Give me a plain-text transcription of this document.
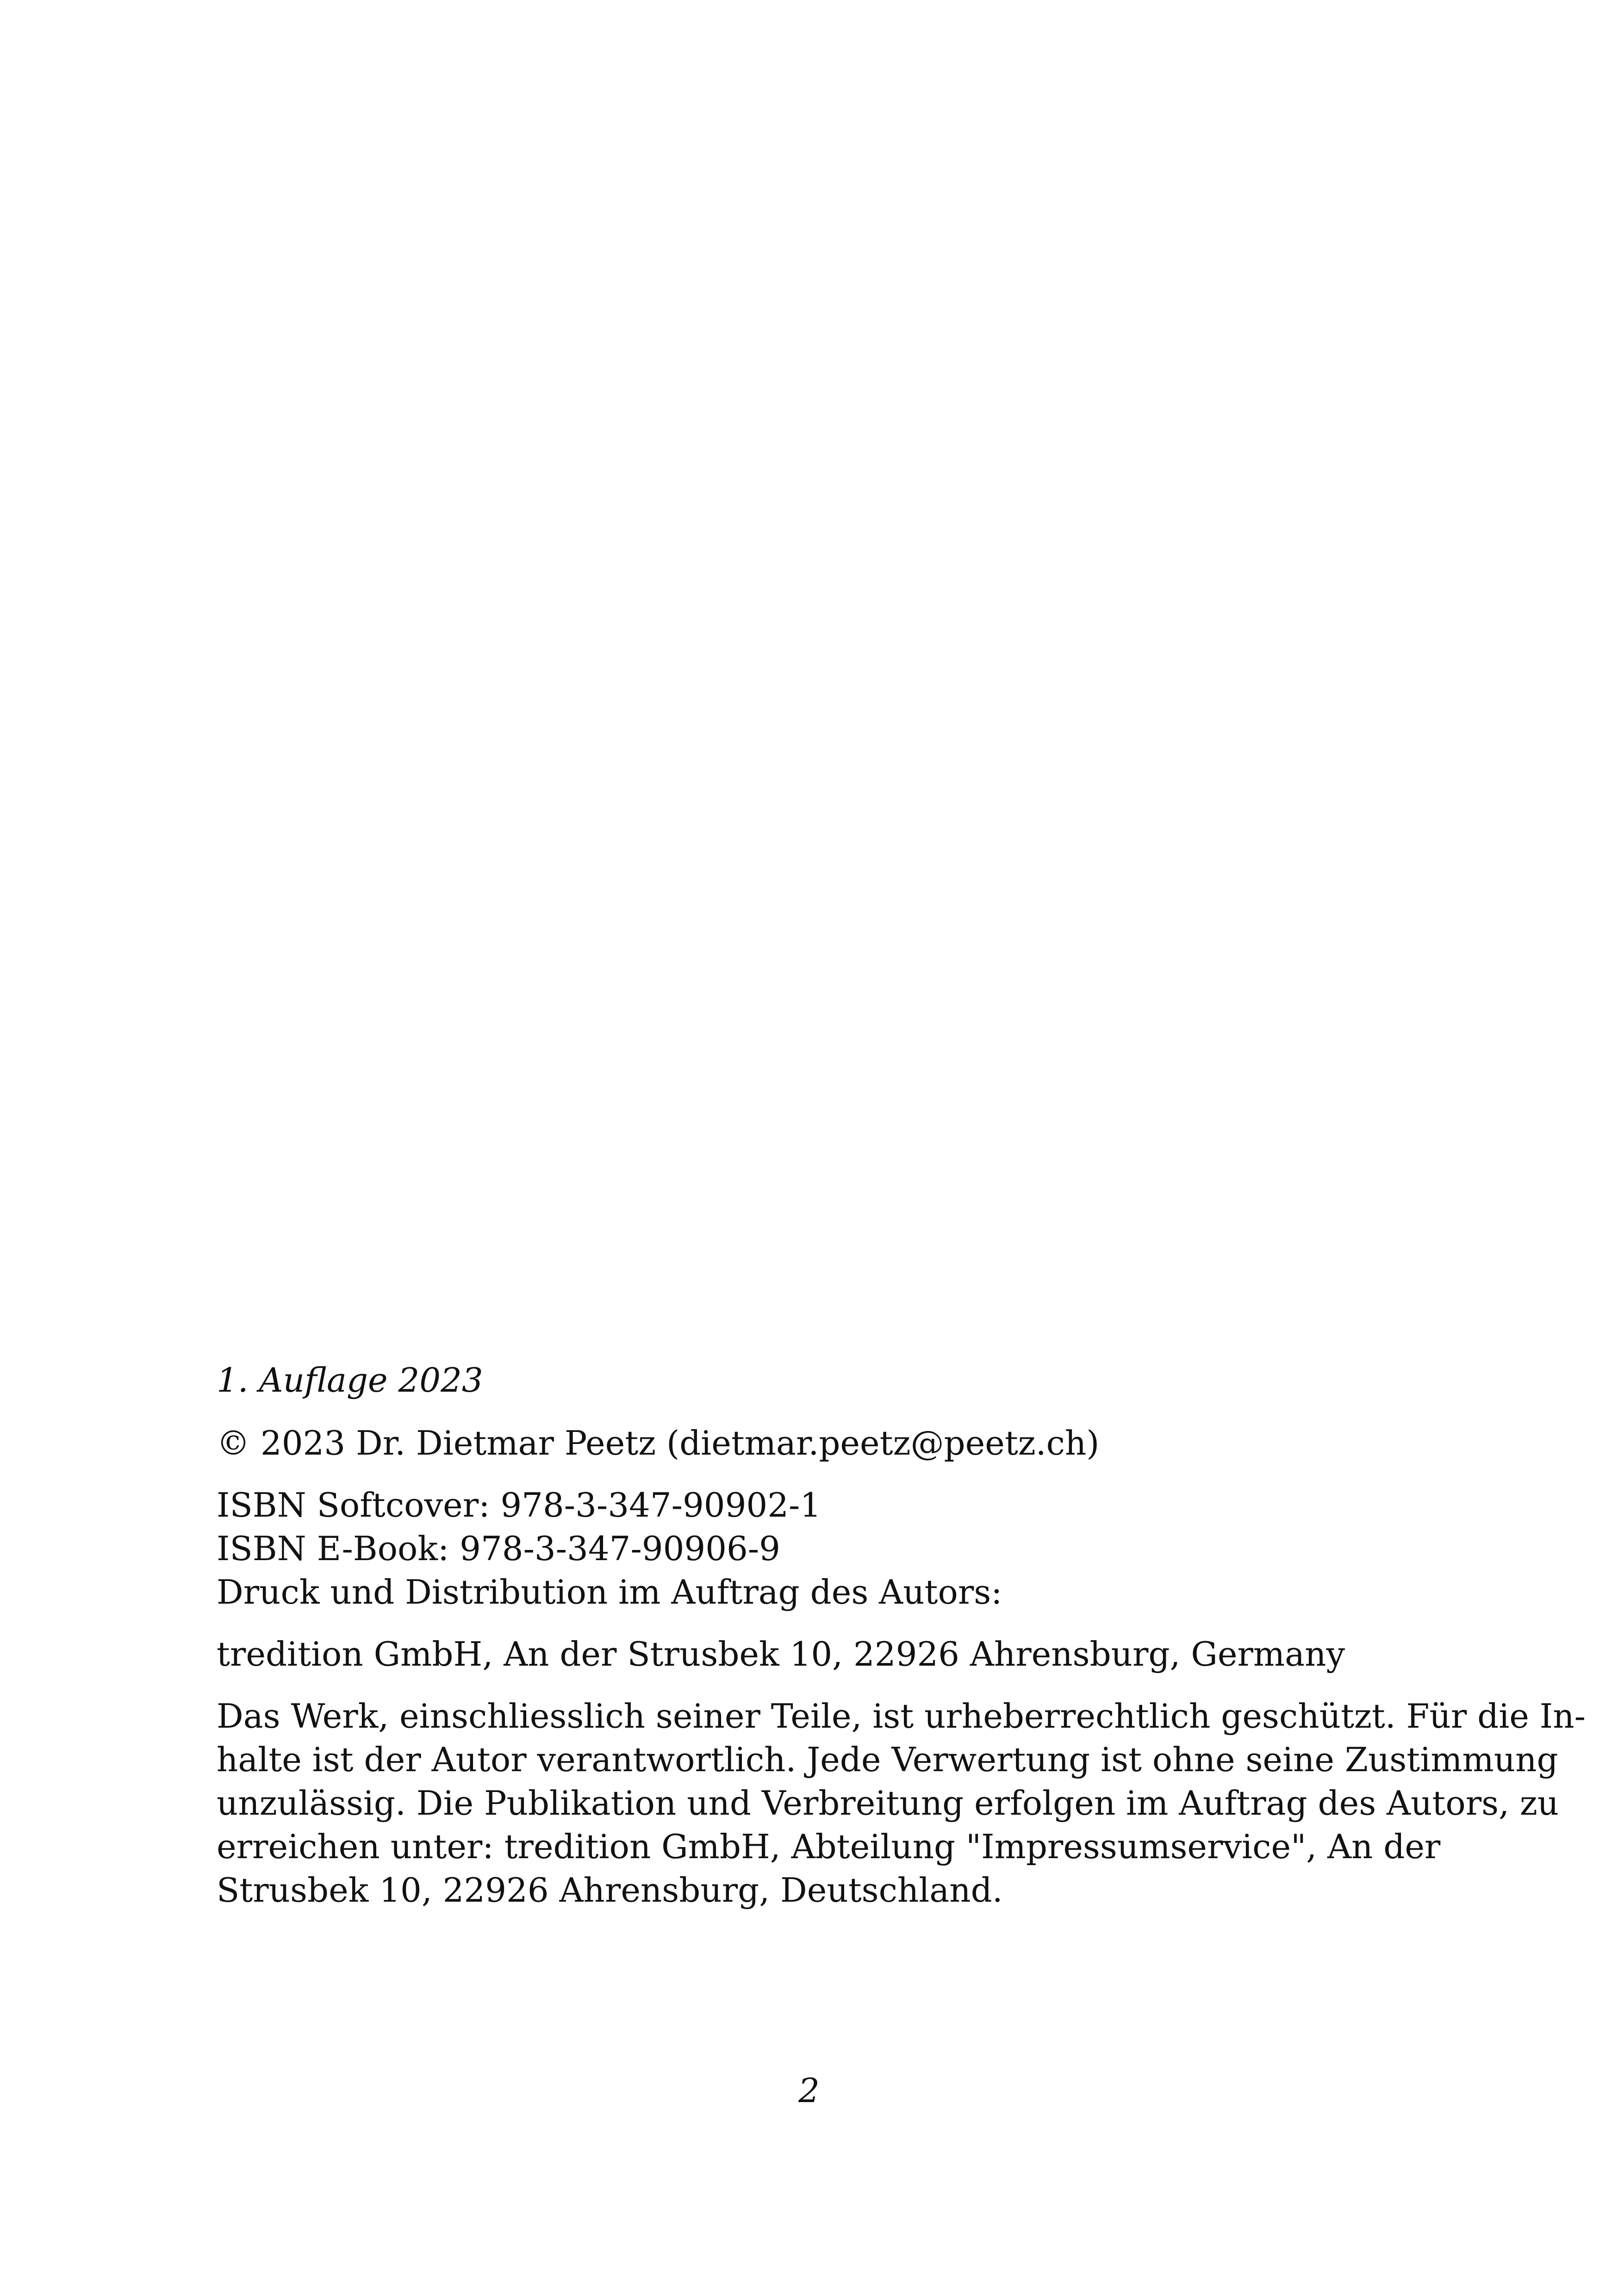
1. Auflage 2023
© 2023 Dr. Dietmar Peetz (dietmar.peetz@peetz.ch)
ISBN Softcover: 978-3-347-90902-1
ISBN E-Book: 978-3-347-90906-9
Druck und Distribution im Auftrag des Autors:
tredition GmbH, An der Strusbek 10, 22926 Ahrensburg, Germany
Das Werk, einschliesslich seiner Teile, ist urheberrechtlich geschützt. Für die In-
halte ist der Autor verantwortlich. Jede Verwertung ist ohne seine Zustimmung
unzulässig. Die Publikation und Verbreitung erfolgen im Auftrag des Autors, zu
erreichen unter: tredition GmbH, Abteilung "Impressumservice", An der
Strusbek 10, 22926 Ahrensburg, Deutschland.
2
